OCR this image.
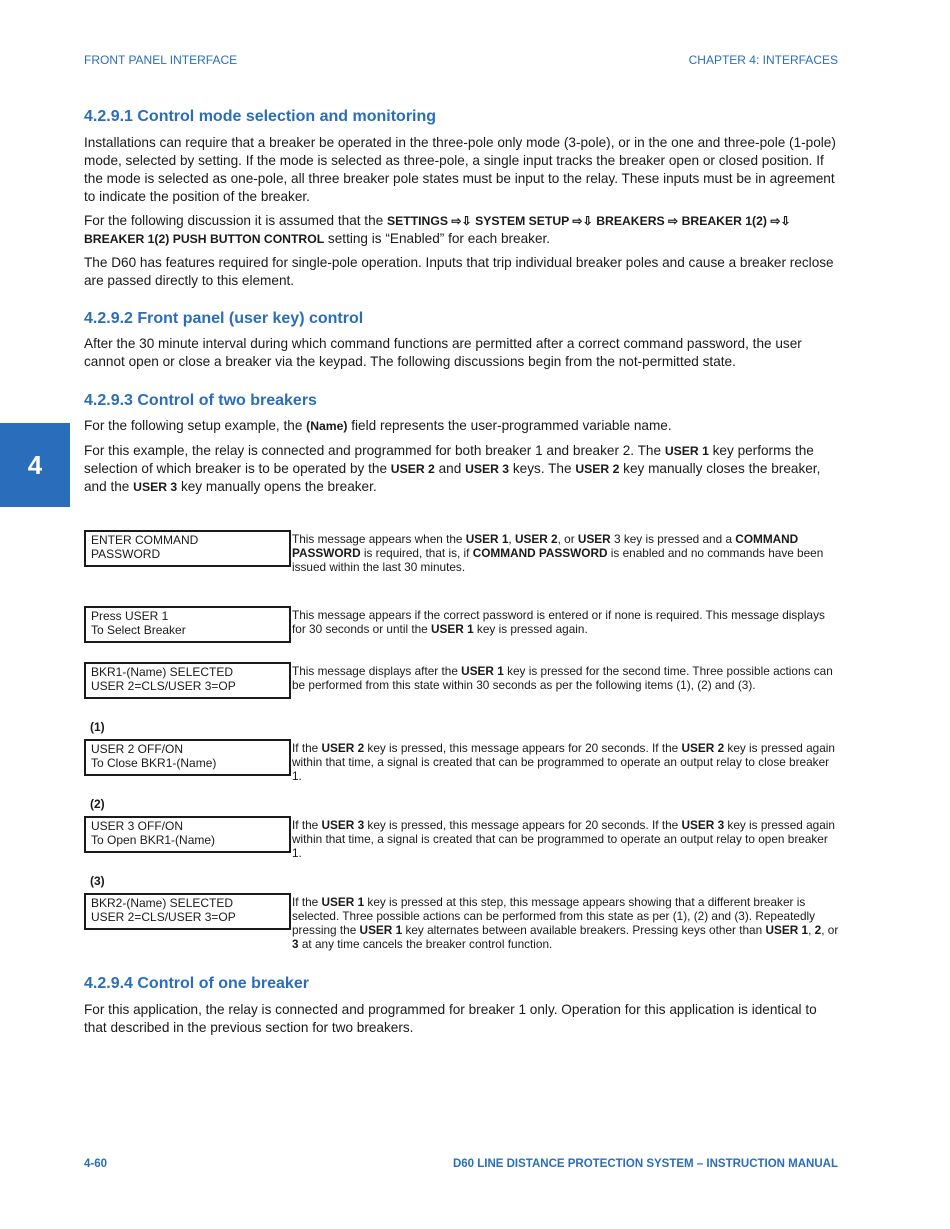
FRONT PANEL INTERFACE	CHAPTER 4: INTERFACES
4
4.2.9.1 Control mode selection and monitoring
Installations can require that a breaker be operated in the three-pole only mode (3-pole), or in the one and three-pole (1-pole) mode, selected by setting. If the mode is selected as three-pole, a single input tracks the breaker open or closed position. If the mode is selected as one-pole, all three breaker pole states must be input to the relay. These inputs must be in agreement to indicate the position of the breaker.
For the following discussion it is assumed that the SETTINGS ⇨⇩ SYSTEM SETUP ⇨⇩ BREAKERS ⇨ BREAKER 1(2) ⇨⇩ BREAKER 1(2) PUSH BUTTON CONTROL setting is “Enabled” for each breaker.
The D60 has features required for single-pole operation. Inputs that trip individual breaker poles and cause a breaker reclose are passed directly to this element.
4.2.9.2 Front panel (user key) control
After the 30 minute interval during which command functions are permitted after a correct command password, the user cannot open or close a breaker via the keypad. The following discussions begin from the not-permitted state.
4.2.9.3 Control of two breakers
For the following setup example, the (Name) field represents the user-programmed variable name.
For this example, the relay is connected and programmed for both breaker 1 and breaker 2. The USER 1 key performs the selection of which breaker is to be operated by the USER 2 and USER 3 keys. The USER 2 key manually closes the breaker, and the USER 3 key manually opens the breaker.
ENTER COMMAND
PASSWORD
This message appears when the USER 1, USER 2, or USER 3 key is pressed and a COMMAND PASSWORD is required, that is, if COMMAND PASSWORD is enabled and no commands have been issued within the last 30 minutes.
Press USER 1
To Select Breaker
This message appears if the correct password is entered or if none is required. This message displays for 30 seconds or until the USER 1 key is pressed again.
BKR1-(Name) SELECTED
USER 2=CLS/USER 3=OP
This message displays after the USER 1 key is pressed for the second time. Three possible actions can be performed from this state within 30 seconds as per the following items (1), (2) and (3).
(1)
USER 2 OFF/ON
To Close BKR1-(Name)
If the USER 2 key is pressed, this message appears for 20 seconds. If the USER 2 key is pressed again within that time, a signal is created that can be programmed to operate an output relay to close breaker 1.
(2)
USER 3 OFF/ON
To Open BKR1-(Name)
If the USER 3 key is pressed, this message appears for 20 seconds. If the USER 3 key is pressed again within that time, a signal is created that can be programmed to operate an output relay to open breaker 1.
(3)
BKR2-(Name) SELECTED
USER 2=CLS/USER 3=OP
If the USER 1 key is pressed at this step, this message appears showing that a different breaker is selected. Three possible actions can be performed from this state as per (1), (2) and (3). Repeatedly pressing the USER 1 key alternates between available breakers. Pressing keys other than USER 1, 2, or 3 at any time cancels the breaker control function.
4.2.9.4 Control of one breaker
For this application, the relay is connected and programmed for breaker 1 only. Operation for this application is identical to that described in the previous section for two breakers.
4-60	D60 LINE DISTANCE PROTECTION SYSTEM – INSTRUCTION MANUAL
